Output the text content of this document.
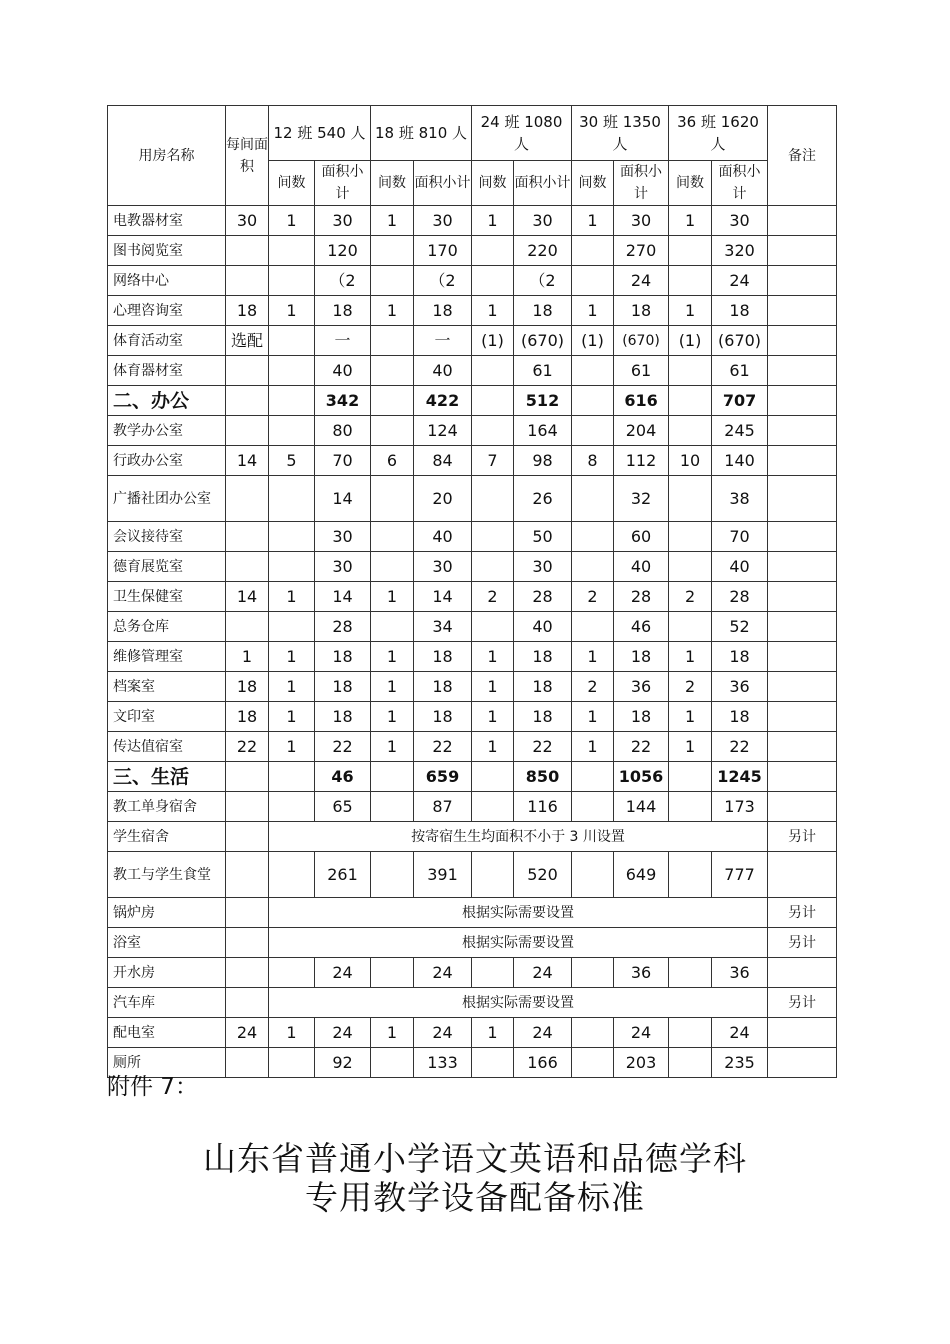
用房名称	每间面积	12 班 540 人		18 班 810 人		24 班 1080 人		30 班 1350 人		36 班 1620 人		备注
		间数	面积小计	间数	面积小计	间数	面积小计	间数	面积小计	间数	面积小计	
电教器材室	30	1	30	1	30	1	30	1	30	1	30	
图书阅览室			120		170		220		270		320	
网络中心			（2		（2		（2		24		24	
心理咨询室	18	1	18	1	18	1	18	1	18	1	18	
体育活动室	选配		一		一	(1)	(670)	(1)	(670)	(1)	(670)	
体育器材室			40		40		61		61		61	
二、办公			342		422		512		616		707	
教学办公室			80		124		164		204		245	
行政办公室	14	5	70	6	84	7	98	8	112	10	140	
广播社团办公室			14		20		26		32		38	
会议接待室			30		40		50		60		70	
德育展览室			30		30		30		40		40	
卫生保健室	14	1	14	1	14	2	28	2	28	2	28	
总务仓库			28		34		40		46		52	
维修管理室	1	1	18	1	18	1	18	1	18	1	18	
档案室	18	1	18	1	18	1	18	2	36	2	36	
文印室	18	1	18	1	18	1	18	1	18	1	18	
传达值宿室	22	1	22	1	22	1	22	1	22	1	22	
三、生活			46		659		850		1056		1245	
教工单身宿舍			65		87		116		144		173	
学生宿舍		按寄宿生生均面积不小于 3 川设置										另计
教工与学生食堂			261		391		520		649		777	
锅炉房		根据实际需要设置										另计
浴室		根据实际需要设置										另计
开水房			24		24		24		36		36	
汽车库		根据实际需要设置										另计
配电室	24	1	24	1	24	1	24		24		24	
厕所			92		133		166		203		235	
附件 7：
山东省普通小学语文英语和品德学科
专用教学设备配备标准
